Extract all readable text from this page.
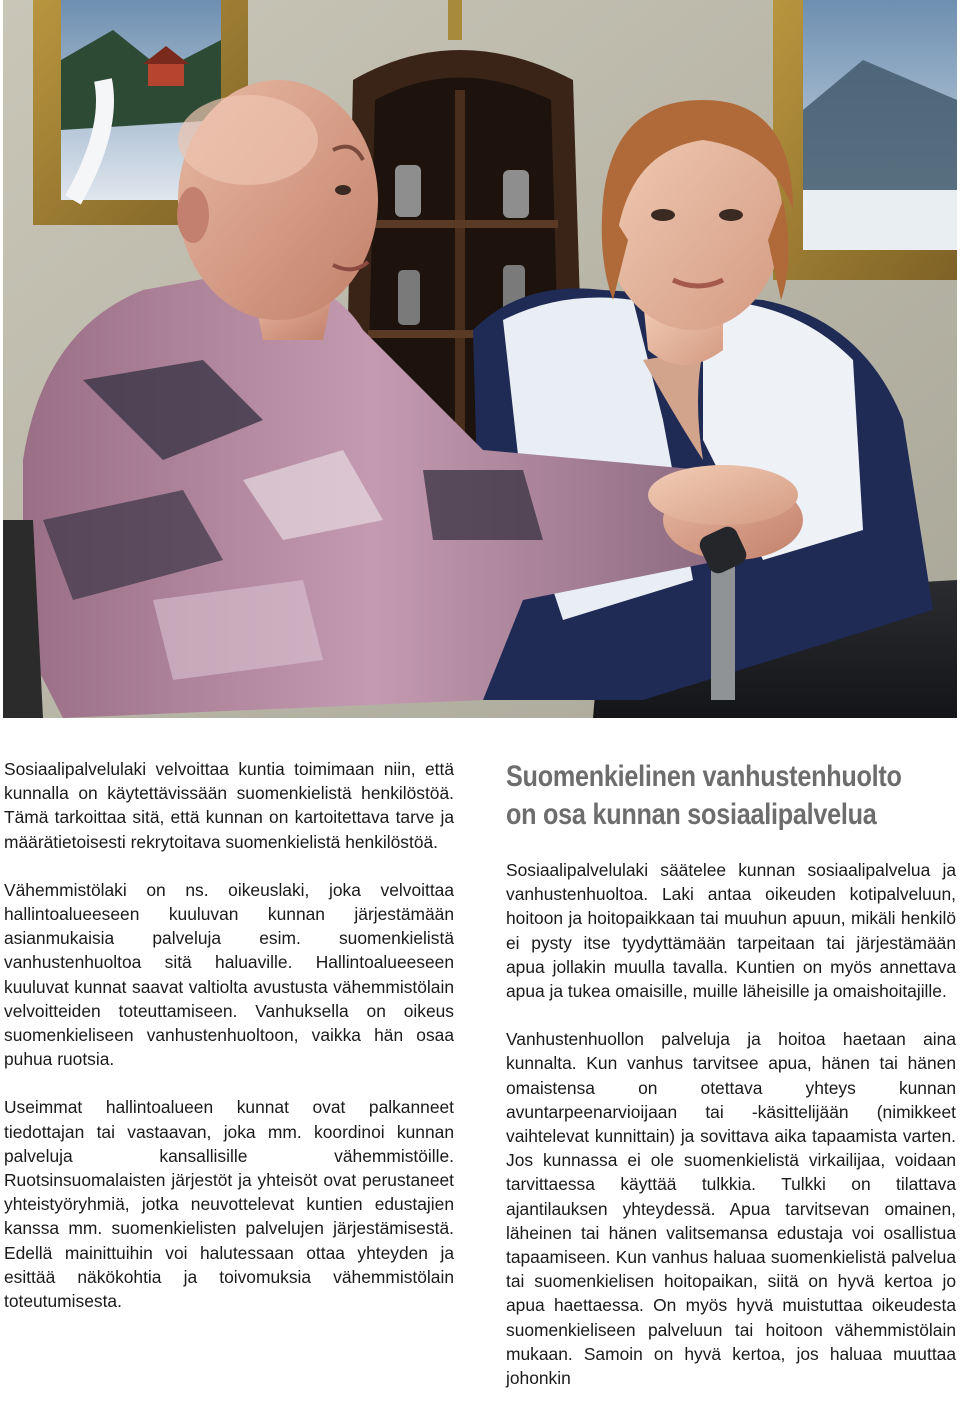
Sosiaalipalvelulaki velvoittaa kuntia toimimaan niin, että kunnalla on käytettävissään suomenkielistä henkilöstöä. Tämä tarkoittaa sitä, että kunnan on kartoitettava tarve ja määrätietoisesti rekrytoitava suomenkielistä henkilöstöä.

Vähemmistölaki on ns. oikeuslaki, joka velvoittaa hallintoalueeseen kuuluvan kunnan järjestämään asianmukaisia palveluja esim. suomenkielistä vanhustenhuoltoa sitä haluaville. Hallintoalueeseen kuuluvat kunnat saavat valtiolta avustusta vähemmistölain velvoitteiden toteuttamiseen. Vanhuksella on oikeus suomenkieliseen vanhustenhuoltoon, vaikka hän osaa puhua ruotsia.

Useimmat hallintoalueen kunnat ovat palkanneet tiedottajan tai vastaavan, joka mm. koordinoi kunnan palveluja kansallisille vähemmistöille. Ruotsinsuomalaisten järjestöt ja yhteisöt ovat perustaneet yhteistyöryhmiä, jotka neuvottelevat kuntien edustajien kanssa mm. suomenkielisten palvelujen järjestämisestä. Edellä mainittuihin voi halutessaan ottaa yhteyden ja esittää näkökohtia ja toivomuksia vähemmistölain toteutumisesta.

Suomenkielinen vanhustenhuolto
on osa kunnan sosiaalipalvelua

Sosiaalipalvelulaki säätelee kunnan sosiaalipalvelua ja vanhustenhuoltoa. Laki antaa oikeuden kotipalveluun, hoitoon ja hoitopaikkaan tai muuhun apuun, mikäli henkilö ei pysty itse tyydyttämään tarpeitaan tai järjestämään apua jollakin muulla tavalla. Kuntien on myös annettava apua ja tukea omaisille, muille läheisille ja omaishoitajille.

Vanhustenhuollon palveluja ja hoitoa haetaan aina kunnalta. Kun vanhus tarvitsee apua, hänen tai hänen omaistensa on otettava yhteys kunnan avuntarpeenarvioijaan tai -käsittelijään (nimikkeet vaihtelevat kunnittain) ja sovittava aika tapaamista varten. Jos kunnassa ei ole suomenkielistä virkailijaa, voidaan tarvittaessa käyttää tulkkia. Tulkki on tilattava ajantilauksen yhteydessä. Apua tarvitsevan omainen, läheinen tai hänen valitsemansa edustaja voi osallistua tapaamiseen. Kun vanhus haluaa suomenkielistä palvelua tai suomenkielisen hoitopaikan, siitä on hyvä kertoa jo apua haettaessa. On myös hyvä muistuttaa oikeudesta suomenkieliseen palveluun tai hoitoon vähemmistölain mukaan. Samoin on hyvä kertoa, jos haluaa muuttaa johonkin
